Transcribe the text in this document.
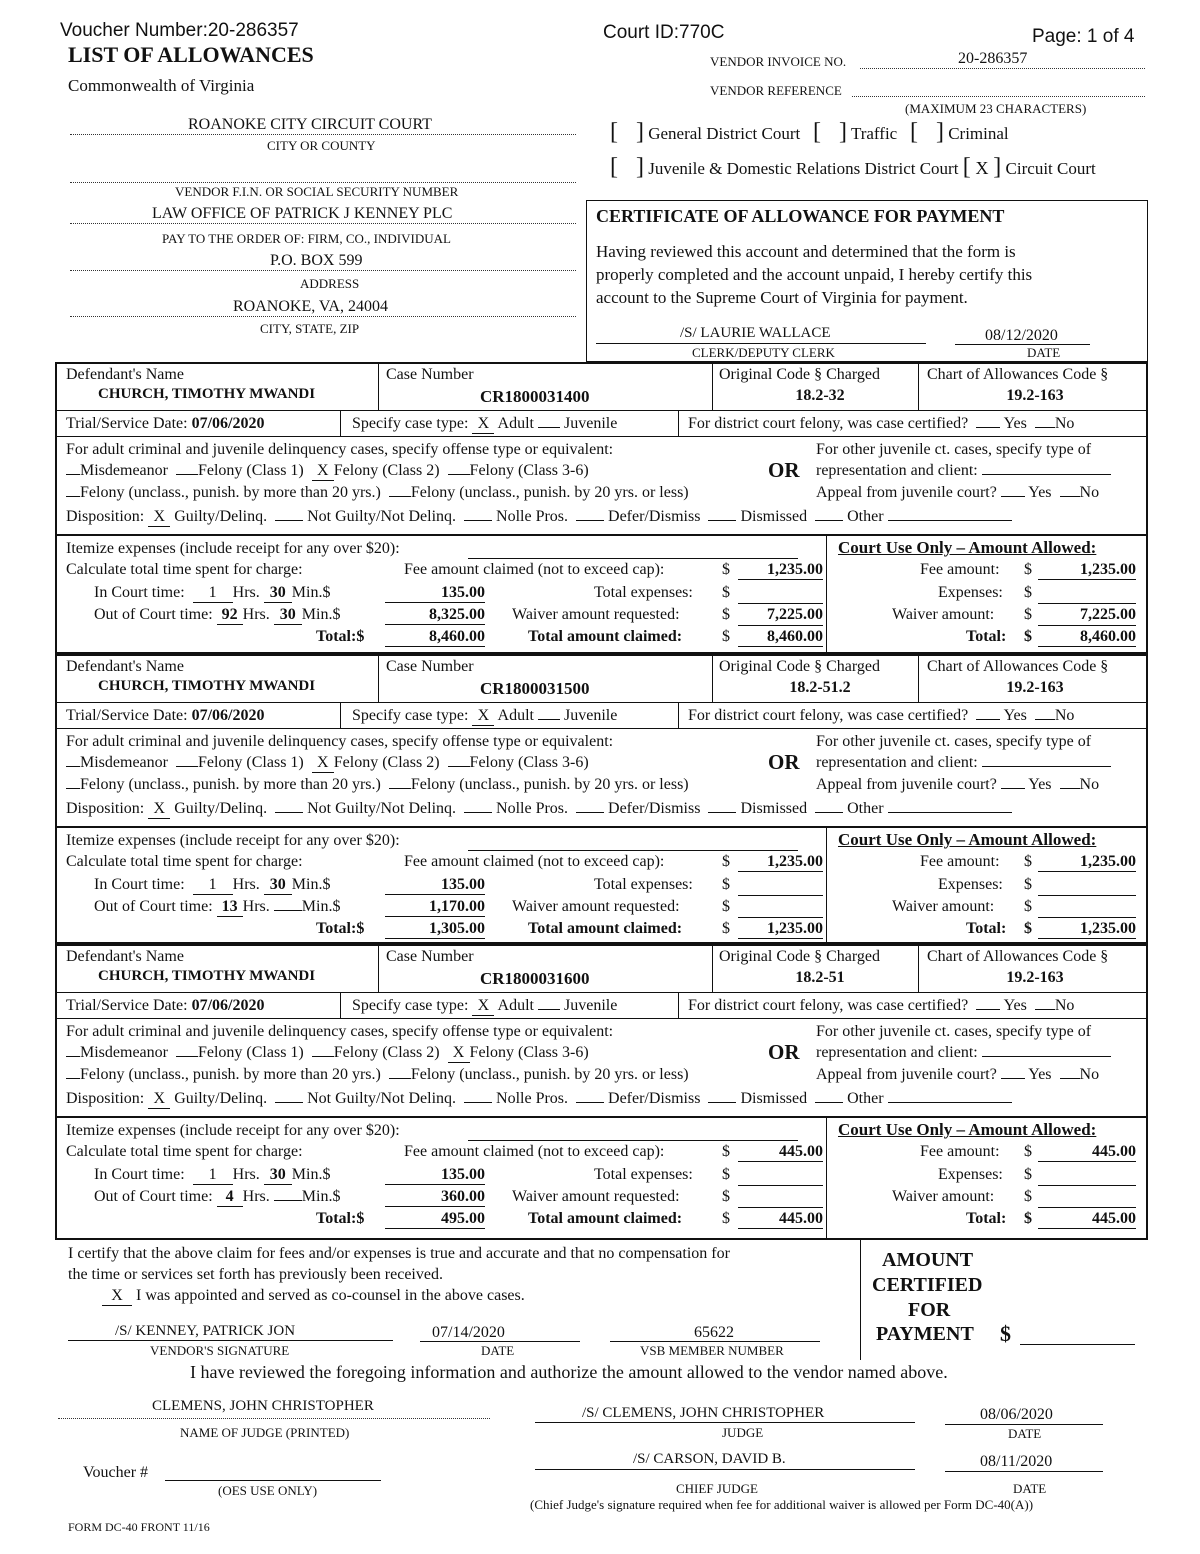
Voucher Number:20-286357
LIST OF ALLOWANCES
Commonwealth of Virginia
Court ID:770C	Page: 1 of 4
VENDOR INVOICE NO.	20-286357
VENDOR REFERENCE
(MAXIMUM 23 CHARACTERS)
ROANOKE CITY CIRCUIT COURT
CITY OR COUNTY
VENDOR F.I.N. OR SOCIAL SECURITY NUMBER
LAW OFFICE OF PATRICK J KENNEY PLC
PAY TO THE ORDER OF: FIRM, CO., INDIVIDUAL
P.O. BOX 599
ADDRESS
ROANOKE, VA, 24004
CITY, STATE, ZIP
[   ] General District Court [   ] Traffic [   ] Criminal
[   ] Juvenile & Domestic Relations District Court [ X ] Circuit Court
CERTIFICATE OF ALLOWANCE FOR PAYMENT
Having reviewed this account and determined that the form is
properly completed and the account unpaid, I hereby certify this
account to the Supreme Court of Virginia for payment.
/S/ LAURIE WALLACE
CLERK/DEPUTY CLERK
08/12/2020
DATE
Defendant's Name
CHURCH, TIMOTHY MWANDI
Case Number
CR1800031400
Original Code § Charged
18.2-32
Chart of Allowances Code §
19.2-163
Trial/Service Date: 07/06/2020	Specify case type: X Adult Juvenile	For district court felony, was case certified? Yes No
For adult criminal and juvenile delinquency cases, specify offense type or equivalent:	For other juvenile ct. cases, specify type of
Misdemeanor Felony (Class 1) X Felony (Class 2) Felony (Class 3-6)	OR representation and client:
Felony (unclass., punish. by more than 20 yrs.) Felony (unclass., punish. by 20 yrs. or less)	Appeal from juvenile court? Yes No
Disposition: X Guilty/Delinq.	Not Guilty/Not Delinq.	Nolle Pros.	Defer/Dismiss	Dismissed	Other
Itemize expenses (include receipt for any over $20):	Court Use Only – Amount Allowed:
Calculate total time spent for charge:	Fee amount claimed (not to exceed cap):	$	1,235.00	Fee amount: $	1,235.00
In Court time: 1 Hrs. 30 Min.$	135.00	Total expenses: $	Expenses: $
Out of Court time: 92 Hrs. 30 Min.$	8,325.00 Waiver amount requested:	$	7,225.00	Waiver amount: $	7,225.00
Total:$	8,460.00	Total amount claimed: $	8,460.00	Total: $	8,460.00
Defendant's Name
CHURCH, TIMOTHY MWANDI
Case Number
CR1800031500
Original Code § Charged
18.2-51.2
Chart of Allowances Code §
19.2-163
Trial/Service Date: 07/06/2020	Specify case type: X Adult Juvenile	For district court felony, was case certified? Yes No
For adult criminal and juvenile delinquency cases, specify offense type or equivalent:	For other juvenile ct. cases, specify type of
Misdemeanor Felony (Class 1) X Felony (Class 2) Felony (Class 3-6)	OR representation and client:
Felony (unclass., punish. by more than 20 yrs.) Felony (unclass., punish. by 20 yrs. or less)	Appeal from juvenile court? Yes No
Disposition: X Guilty/Delinq.	Not Guilty/Not Delinq.	Nolle Pros.	Defer/Dismiss	Dismissed	Other
Itemize expenses (include receipt for any over $20):	Court Use Only – Amount Allowed:
Calculate total time spent for charge:	Fee amount claimed (not to exceed cap):	$	1,235.00	Fee amount: $	1,235.00
In Court time: 1 Hrs. 30 Min.$	135.00	Total expenses: $	Expenses: $
Out of Court time: 13 Hrs. Min.$	1,170.00 Waiver amount requested:	$	Waiver amount: $
Total:$	1,305.00	Total amount claimed: $	1,235.00	Total: $	1,235.00
Defendant's Name
CHURCH, TIMOTHY MWANDI
Case Number
CR1800031600
Original Code § Charged
18.2-51
Chart of Allowances Code §
19.2-163
Trial/Service Date: 07/06/2020	Specify case type: X Adult Juvenile	For district court felony, was case certified? Yes No
For adult criminal and juvenile delinquency cases, specify offense type or equivalent:	For other juvenile ct. cases, specify type of
Misdemeanor Felony (Class 1) Felony (Class 2) X Felony (Class 3-6)	OR representation and client:
Felony (unclass., punish. by more than 20 yrs.) Felony (unclass., punish. by 20 yrs. or less)	Appeal from juvenile court? Yes No
Disposition: X Guilty/Delinq.	Not Guilty/Not Delinq.	Nolle Pros.	Defer/Dismiss	Dismissed	Other
Itemize expenses (include receipt for any over $20):	Court Use Only – Amount Allowed:
Calculate total time spent for charge:	Fee amount claimed (not to exceed cap):	$	445.00	Fee amount: $	445.00
In Court time: 1 Hrs. 30 Min.$	135.00	Total expenses: $	Expenses: $
Out of Court time: 4 Hrs. Min.$	360.00 Waiver amount requested:	$	Waiver amount: $
Total:$	495.00	Total amount claimed: $	445.00	Total: $	445.00
I certify that the above claim for fees and/or expenses is true and accurate and that no compensation for
the time or services set forth has previously been received.
X I was appointed and served as co-counsel in the above cases.
/S/ KENNEY, PATRICK JON
VENDOR'S SIGNATURE
07/14/2020
DATE
65622
VSB MEMBER NUMBER
AMOUNT
CERTIFIED
FOR
PAYMENT $
I have reviewed the foregoing information and authorize the amount allowed to the vendor named above.
CLEMENS, JOHN CHRISTOPHER
NAME OF JUDGE (PRINTED)
/S/ CLEMENS, JOHN CHRISTOPHER
JUDGE
08/06/2020
DATE
Voucher #
(OES USE ONLY)
/S/ CARSON, DAVID B.
CHIEF JUDGE
08/11/2020
DATE
(Chief Judge's signature required when fee for additional waiver is allowed per Form DC-40(A))
FORM DC-40 FRONT 11/16
